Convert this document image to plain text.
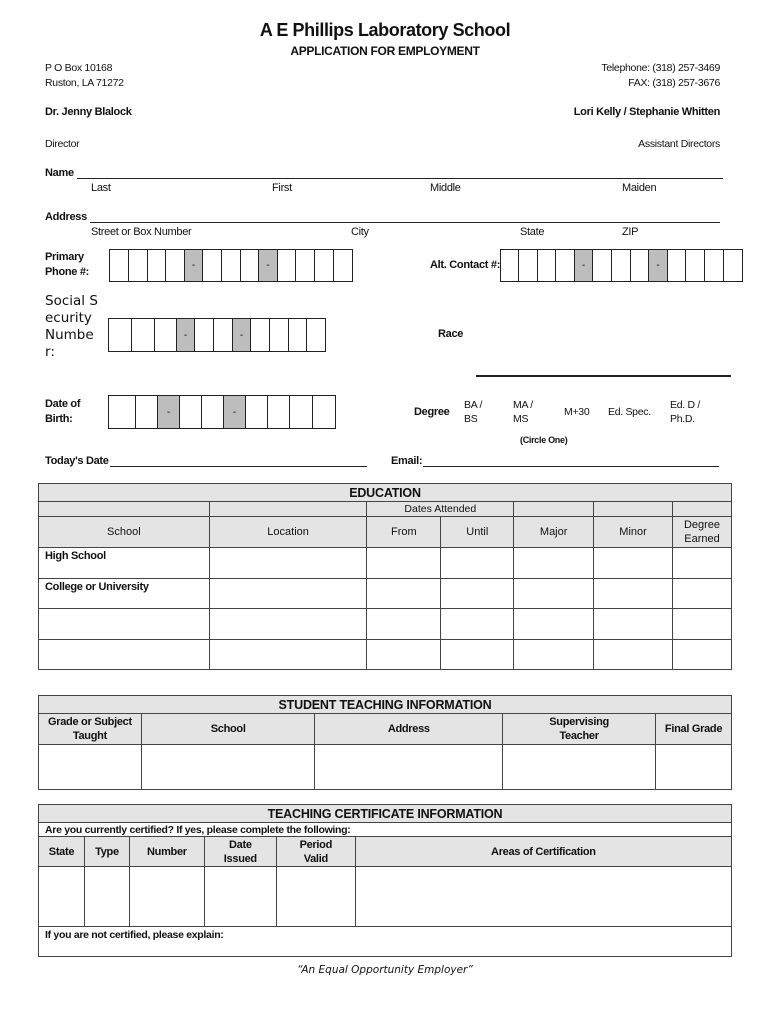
A E Phillips Laboratory School
APPLICATION FOR EMPLOYMENT
P O Box 10168
Ruston, LA 71272
Telephone: (318) 257-3469
FAX: (318) 257-3676
Dr. Jenny Blalock
Director
Lori Kelly / Stephanie Whitten
Assistant Directors
Name
Last	First	Middle	Maiden
Address
Street or Box Number	City	State	ZIP
Primary
Phone #:
-	-	Alt. Contact #:	-	-
Social Security Number:
-	-	Race
Date of
Birth:
-	-	Degree
BA /
BS
MA /
MS
M+30 Ed. Spec.
Ed. D /
Ph.D.
(Circle One)
Today's Date	Email:
EDUCATION						
		Dates Attended				
School	Location	From	Until	Major	Minor	Degree Earned
High School						
College or University						

STUDENT TEACHING INFORMATION				
Grade or Subject Taught	School	Address	Supervising Teacher	Final Grade

TEACHING CERTIFICATE INFORMATION					
Are you currently certified? If yes, please complete the following:					
State	Type	Number	Date Issued	Period Valid	Areas of Certification

If you are not certified, please explain:					
“An Equal Opportunity Employer”
